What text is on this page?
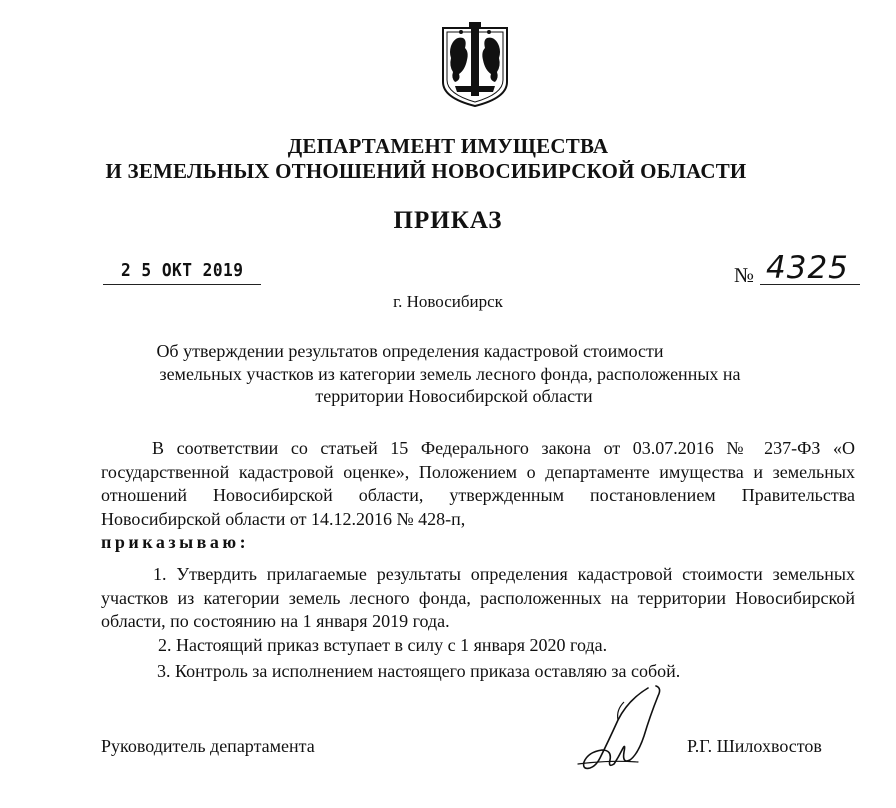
ДЕПАРТАМЕНТ ИМУЩЕСТВА
И ЗЕМЕЛЬНЫХ ОТНОШЕНИЙ НОВОСИБИРСКОЙ ОБЛАСТИ
ПРИКАЗ
2 5 ОКТ 2019	№ 4325
г. Новосибирск
Об утверждении результатов определения кадастровой стоимости
земельных участков из категории земель лесного фонда, расположенных на
территории Новосибирской области
В соответствии со статьей 15 Федерального закона от 03.07.2016 № 237-ФЗ «О государственной кадастровой оценке», Положением о департаменте имущества и земельных отношений Новосибирской области, утвержденным постановлением Правительства Новосибирской области от 14.12.2016 № 428-п,
приказываю:
1. Утвердить прилагаемые результаты определения кадастровой стоимости земельных участков из категории земель лесного фонда, расположенных на территории Новосибирской области, по состоянию на 1 января 2019 года.
2. Настоящий приказ вступает в силу с 1 января 2020 года.
3. Контроль за исполнением настоящего приказа оставляю за собой.
Руководитель департамента	Р.Г. Шилохвостов
